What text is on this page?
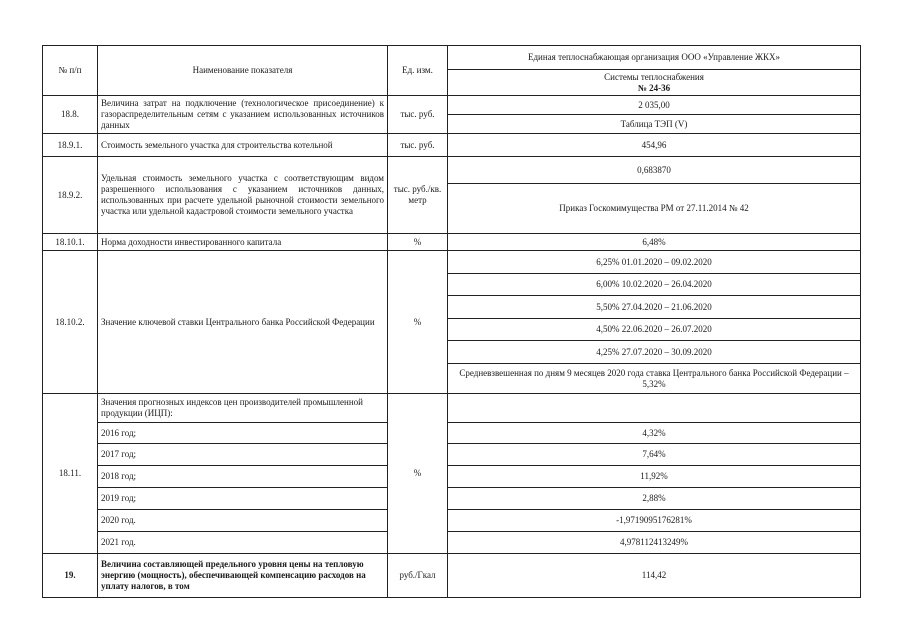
№ п/п	Наименование показателя	Ед. изм.	Единая теплоснабжающая организация ООО «Управление ЖКХ»
			Системы теплоснабжения
№ 24-36
18.8.	Величина затрат на подключение (технологическое присоединение) к газораспределительным сетям с указанием использованных источников данных	тыс. руб.	2 035,00
			Таблица ТЭП (V)
18.9.1.	Стоимость земельного участка для строительства котельной	тыс. руб.	454,96
18.9.2.	Удельная стоимость земельного участка с соответствующим видом разрешенного использования с указанием источников данных, использованных при расчете удельной рыночной стоимости земельного участка или удельной кадастровой стоимости земельного участка	тыс. руб./кв. метр	0,683870
			Приказ Госкомимущества РМ от 27.11.2014 № 42
18.10.1.	Норма доходности инвестированного капитала	%	6,48%
18.10.2.	Значение ключевой ставки Центрального банка Российской Федерации	%	6,25% 01.01.2020 – 09.02.2020
			6,00% 10.02.2020 – 26.04.2020
			5,50% 27.04.2020 – 21.06.2020
			4,50% 22.06.2020 – 26.07.2020
			4,25% 27.07.2020 – 30.09.2020
			Средневзвешенная по дням 9 месяцев 2020 года ставка Центрального банка Российской Федерации – 5,32%
18.11.	Значения прогнозных индексов цен производителей промышленной продукции (ИЦП):	%	
	2016 год;		4,32%
	2017 год;		7,64%
	2018 год;		11,92%
	2019 год;		2,88%
	2020 год.		-1,9719095176281%
	2021 год.		4,978112413249%
19.	Величина составляющей предельного уровня цены на тепловую энергию (мощность), обеспечивающей компенсацию расходов на уплату налогов, в том	руб./Гкал	114,42
